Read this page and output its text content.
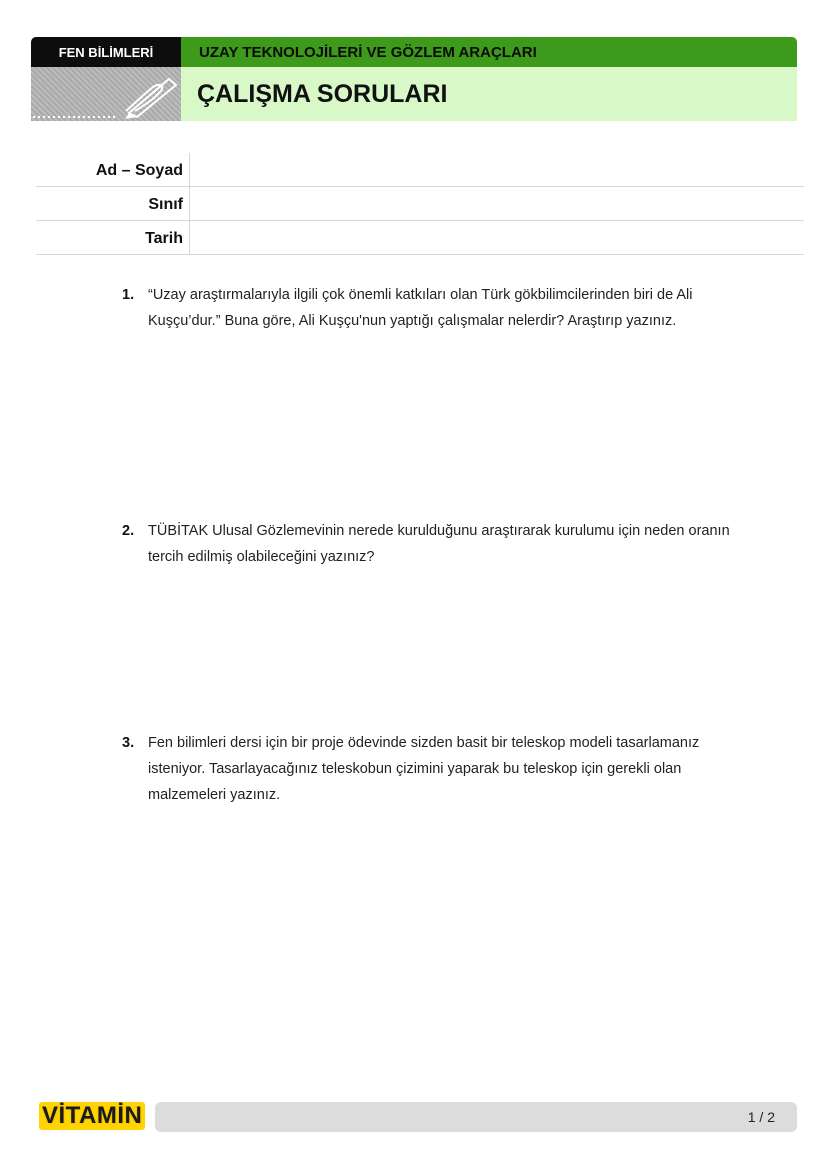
FEN BİLİMLERİ	UZAY TEKNOLOJİLERİ VE GÖZLEM ARAÇLARI
ÇALIŞMA SORULARI
Ad – Soyad
Sınıf
Tarih
1. “Uzay araştırmalarıyla ilgili çok önemli katkıları olan Türk gökbilimcilerinden biri de Ali Kuşçu’dur.” Buna göre, Ali Kuşçu'nun yaptığı çalışmalar nelerdir? Araştırıp yazınız.
2. TÜBİTAK Ulusal Gözlemevinin nerede kurulduğunu araştırarak kurulumu için neden oranın tercih edilmiş olabileceğini yazınız?
3. Fen bilimleri dersi için bir proje ödevinde sizden basit bir teleskop modeli tasarlamanız isteniyor. Tasarlayacağınız teleskobun çizimini yaparak bu teleskop için gerekli olan malzemeleri yazınız.
1 / 2
VİTAMİN
